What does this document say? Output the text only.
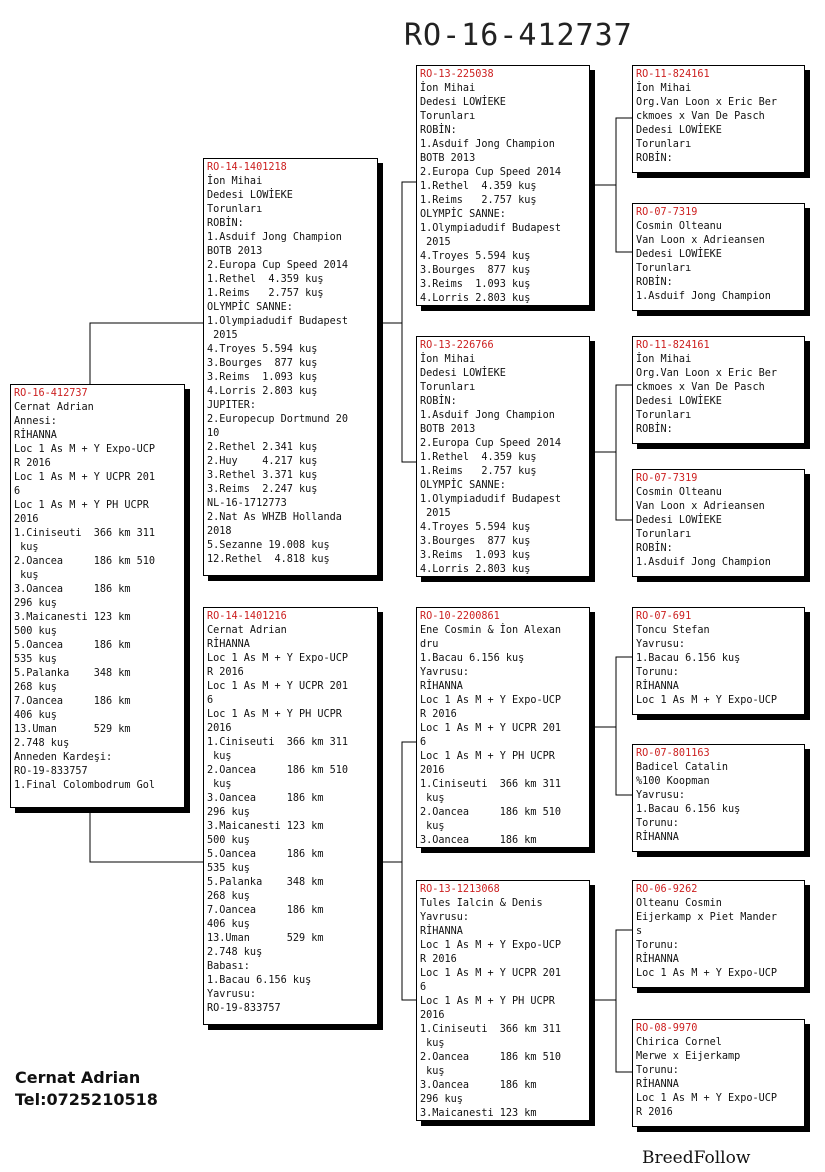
RO-16-412737
RO-16-412737
Cernat Adrian
Annesi:
RİHANNA
Loc 1 As M + Y Expo-UCP
R 2016
Loc 1 As M + Y UCPR 201
6
Loc 1 As M + Y PH UCPR
2016
1.Ciniseuti  366 km 311
kuş
2.Oancea     186 km 510
kuş
3.Oancea     186 km
296 kuş
3.Maicanesti 123 km
500 kuş
5.Oancea     186 km
535 kuş
5.Palanka    348 km
268 kuş
7.Oancea     186 km
406 kuş
13.Uman      529 km
2.748 kuş
Anneden Kardeşi:
RO-19-833757
1.Final Colombodrum Gol
RO-14-1401218
İon Mihai
Dedesi LOWİEKE
Torunları
ROBİN:
1.Asduif Jong Champion
BOTB 2013
2.Europa Cup Speed 2014
1.Rethel  4.359 kuş
1.Reims   2.757 kuş
OLYMPİC SANNE:
1.Olympiadudif Budapest
2015
4.Troyes 5.594 kuş
3.Bourges  877 kuş
3.Reims  1.093 kuş
4.Lorris 2.803 kuş
JUPITER:
2.Europecup Dortmund 20
10
2.Rethel 2.341 kuş
2.Huy    4.217 kuş
3.Rethel 3.371 kuş
3.Reims  2.247 kuş
NL-16-1712773
2.Nat As WHZB Hollanda
2018
5.Sezanne 19.008 kuş
12.Rethel  4.818 kuş
RO-14-1401216
Cernat Adrian
RİHANNA
Loc 1 As M + Y Expo-UCP
R 2016
Loc 1 As M + Y UCPR 201
6
Loc 1 As M + Y PH UCPR
2016
1.Ciniseuti  366 km 311
kuş
2.Oancea     186 km 510
kuş
3.Oancea     186 km
296 kuş
3.Maicanesti 123 km
500 kuş
5.Oancea     186 km
535 kuş
5.Palanka    348 km
268 kuş
7.Oancea     186 km
406 kuş
13.Uman      529 km
2.748 kuş
Babası:
1.Bacau 6.156 kuş
Yavrusu:
RO-19-833757
RO-13-225038
İon Mihai
Dedesi LOWİEKE
Torunları
ROBİN:
1.Asduif Jong Champion
BOTB 2013
2.Europa Cup Speed 2014
1.Rethel  4.359 kuş
1.Reims   2.757 kuş
OLYMPİC SANNE:
1.Olympiadudif Budapest
2015
4.Troyes 5.594 kuş
3.Bourges  877 kuş
3.Reims  1.093 kuş
4.Lorris 2.803 kuş
RO-13-226766
İon Mihai
Dedesi LOWİEKE
Torunları
ROBİN:
1.Asduif Jong Champion
BOTB 2013
2.Europa Cup Speed 2014
1.Rethel  4.359 kuş
1.Reims   2.757 kuş
OLYMPİC SANNE:
1.Olympiadudif Budapest
2015
4.Troyes 5.594 kuş
3.Bourges  877 kuş
3.Reims  1.093 kuş
4.Lorris 2.803 kuş
RO-10-2200861
Ene Cosmin & İon Alexan
dru
1.Bacau 6.156 kuş
Yavrusu:
RİHANNA
Loc 1 As M + Y Expo-UCP
R 2016
Loc 1 As M + Y UCPR 201
6
Loc 1 As M + Y PH UCPR
2016
1.Ciniseuti  366 km 311
kuş
2.Oancea     186 km 510
kuş
3.Oancea     186 km
RO-13-1213068
Tules Ialcin & Denis
Yavrusu:
RİHANNA
Loc 1 As M + Y Expo-UCP
R 2016
Loc 1 As M + Y UCPR 201
6
Loc 1 As M + Y PH UCPR
2016
1.Ciniseuti  366 km 311
kuş
2.Oancea     186 km 510
kuş
3.Oancea     186 km
296 kuş
3.Maicanesti 123 km
RO-11-824161
İon Mihai
Org.Van Loon x Eric Ber
ckmoes x Van De Pasch
Dedesi LOWİEKE
Torunları
ROBİN:
RO-07-7319
Cosmin Olteanu
Van Loon x Adrieansen
Dedesi LOWİEKE
Torunları
ROBİN:
1.Asduif Jong Champion
RO-11-824161
İon Mihai
Org.Van Loon x Eric Ber
ckmoes x Van De Pasch
Dedesi LOWİEKE
Torunları
ROBİN:
RO-07-7319
Cosmin Olteanu
Van Loon x Adrieansen
Dedesi LOWİEKE
Torunları
ROBİN:
1.Asduif Jong Champion
RO-07-691
Toncu Stefan
Yavrusu:
1.Bacau 6.156 kuş
Torunu:
RİHANNA
Loc 1 As M + Y Expo-UCP
RO-07-801163
Badicel Catalin
%100 Koopman
Yavrusu:
1.Bacau 6.156 kuş
Torunu:
RİHANNA
RO-06-9262
Olteanu Cosmin
Eijerkamp x Piet Mander
s
Torunu:
RİHANNA
Loc 1 As M + Y Expo-UCP
RO-08-9970
Chirica Cornel
Merwe x Eijerkamp
Torunu:
RİHANNA
Loc 1 As M + Y Expo-UCP
R 2016
Cernat Adrian
Tel:0725210518
BreedFollow
